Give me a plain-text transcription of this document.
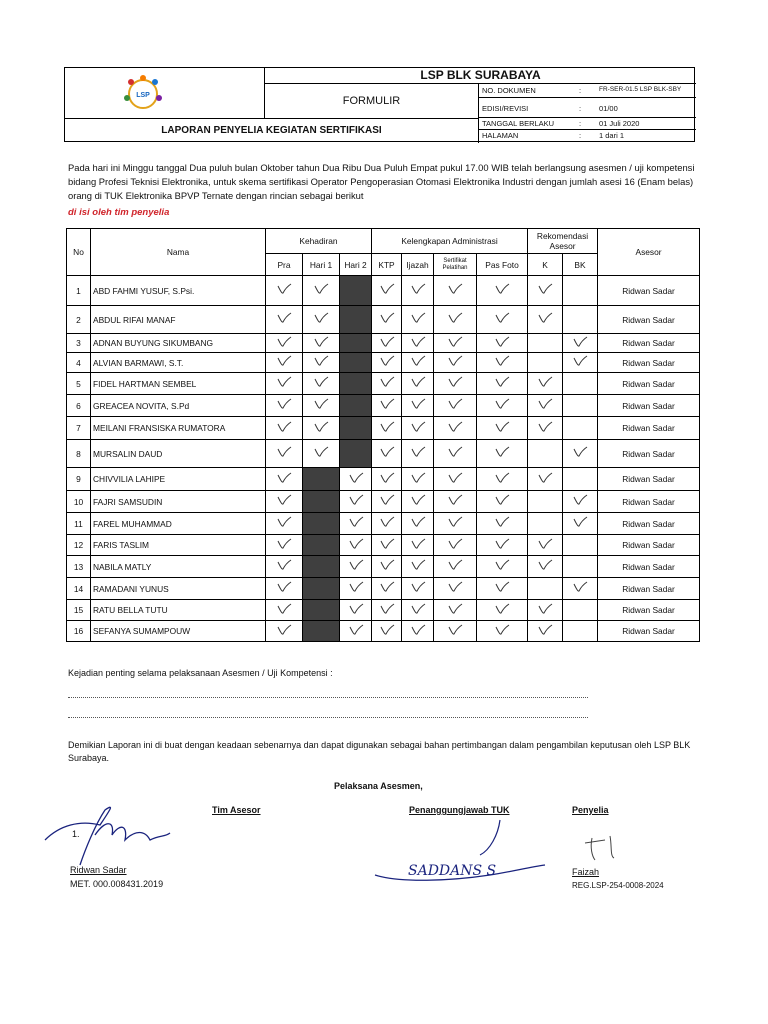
LSP
LSP BLK SURABAYA
FORMULIR
LAPORAN PENYELIA KEGIATAN SERTIFIKASI
NO. DOKUMEN	:	FR-SER-01.5 LSP BLK-SBY
EDISI/REVISI	: 01/00
TANGGAL BERLAKU	: 01 Juli 2020
HALAMAN	: 1 dari 1
Pada hari ini Minggu tanggal Dua puluh bulan Oktober tahun Dua Ribu Dua Puluh Empat pukul 17.00 WIB telah berlangsung asesmen / uji kompetensi bidang Profesi Teknisi Elektronika, untuk skema sertifikasi Operator Pengoperasian Otomasi Elektronika Industri dengan jumlah asesi 16 (Enam belas) orang di TUK Elektronika BPVP Ternate dengan rincian sebagai berikut
di isi oleh tim penyelia
No	Nama	Kehadiran			Kelengkapan Administrasi				Rekomendasi Asesor		Asesor
		Pra	Hari 1	Hari 2	KTP	Ijazah	Sertifikat Pelatihan	Pas Foto	K	BK	
1	ABD FAHMI YUSUF, S.Psi.										Ridwan Sadar
2	ABDUL RIFAI MANAF										Ridwan Sadar
3	ADNAN BUYUNG SIKUMBANG										Ridwan Sadar
4	ALVIAN BARMAWI, S.T.										Ridwan Sadar
5	FIDEL HARTMAN SEMBEL										Ridwan Sadar
6	GREACEA NOVITA, S.Pd										Ridwan Sadar
7	MEILANI FRANSISKA RUMATORA										Ridwan Sadar
8	MURSALIN DAUD										Ridwan Sadar
9	CHIVVILIA LAHIPE										Ridwan Sadar
10	FAJRI SAMSUDIN										Ridwan Sadar
11	FAREL MUHAMMAD										Ridwan Sadar
12	FARIS TASLIM										Ridwan Sadar
13	NABILA MATLY										Ridwan Sadar
14	RAMADANI YUNUS										Ridwan Sadar
15	RATU BELLA TUTU										Ridwan Sadar
16	SEFANYA SUMAMPOUW										Ridwan Sadar
Kejadian penting selama pelaksanaan Asesmen / Uji Kompetensi :
Demikian Laporan ini di buat dengan keadaan sebenarnya dan dapat digunakan sebagai bahan pertimbangan dalam pengambilan keputusan oleh LSP BLK Surabaya.
Pelaksana Asesmen,
Tim Asesor
1.
Ridwan Sadar
MET. 000.008431.2019
Penanggungjawab TUK
SADDANS S
Penyelia
Faizah
REG.LSP-254-0008-2024
